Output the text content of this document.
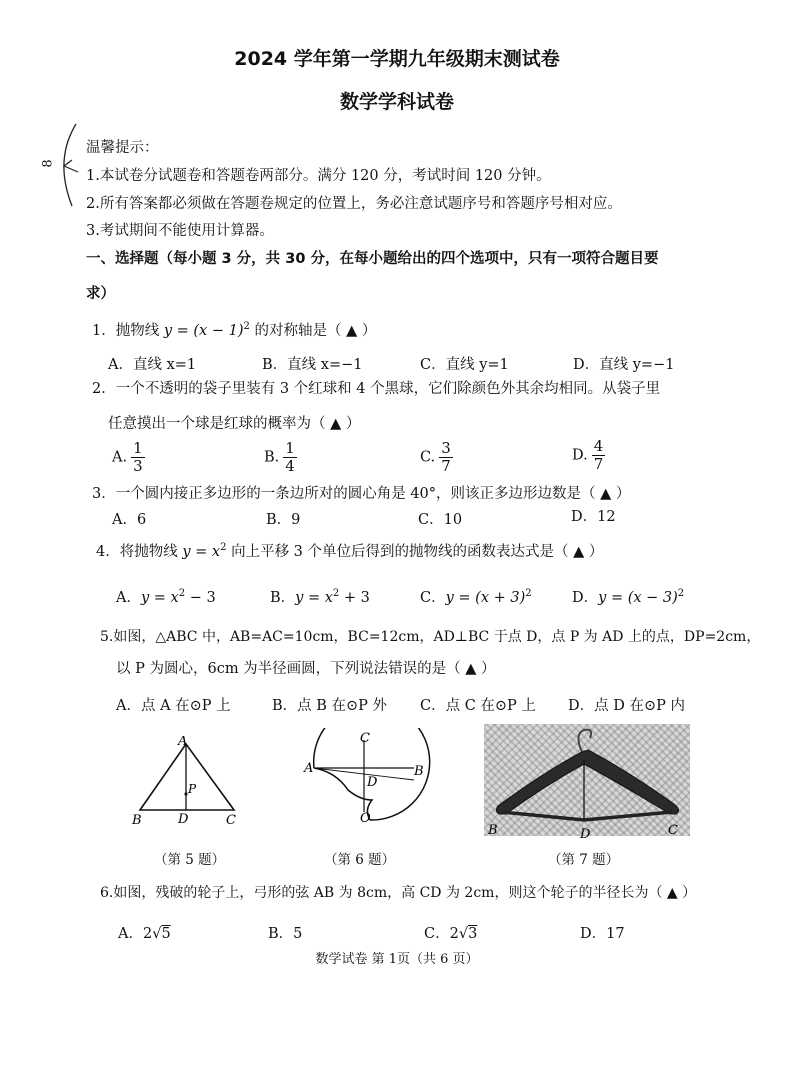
8
2024 学年第一学期九年级期末测试卷
数学学科试卷
温馨提示：
1.本试卷分试题卷和答题卷两部分。满分 120 分，考试时间 120 分钟。
2.所有答案都必须做在答题卷规定的位置上，务必注意试题序号和答题序号相对应。
3.考试期间不能使用计算器。
一、选择题（每小题 3 分，共 30 分，在每小题给出的四个选项中，只有一项符合题目要
求）
1．抛物线 $y = (x - 1)^2$ 的对称轴是（ ▲ ）
A．直线 x=1	B．直线 x=−1	C．直线 y=1	D．直线 y=−1
2．一个不透明的袋子里装有 3 个红球和 4 个黑球，它们除颜色外其余均相同。从袋子里
任意摸出一个球是红球的概率为（ ▲ ）
A. $\frac{1}{3}$	B. $\frac{1}{4}$	C. $\frac{3}{7}$	D. $\frac{4}{7}$
3．一个圆内接正多边形的一条边所对的圆心角是 40°，则该正多边形边数是（ ▲ ）
A．6	B．9	C．10	D．12
4．将抛物线 $y = x^2$ 向上平移 3 个单位后得到的抛物线的函数表达式是（ ▲ ）
A．$y = x^2 - 3$	B．$y = x^2 + 3$	C．$y = (x + 3)^2$	D．$y = (x - 3)^2$
5.如图，△ABC 中，AB=AC=10cm，BC=12cm，AD⊥BC 于点 D，点 P 为 AD 上的点，DP=2cm，
以 P 为圆心，6cm 为半径画圆，下列说法错误的是（ ▲ ）
A．点 A 在⊙P 上	B．点 B 在⊙P 外 C．点 C 在⊙P 上 D．点 D 在⊙P 内
A
B	C
D
P
（第 5 题）
A	B
C
D
O
（第 6 题）
B	D	C
（第 7 题）
6.如图，残破的轮子上，弓形的弦 AB 为 8cm，高 CD 为 2cm，则这个轮子的半径长为（ ▲ ）
A．2√5	B．5	C．2√3	D．17
数学试卷 第 1页（共 6 页）
